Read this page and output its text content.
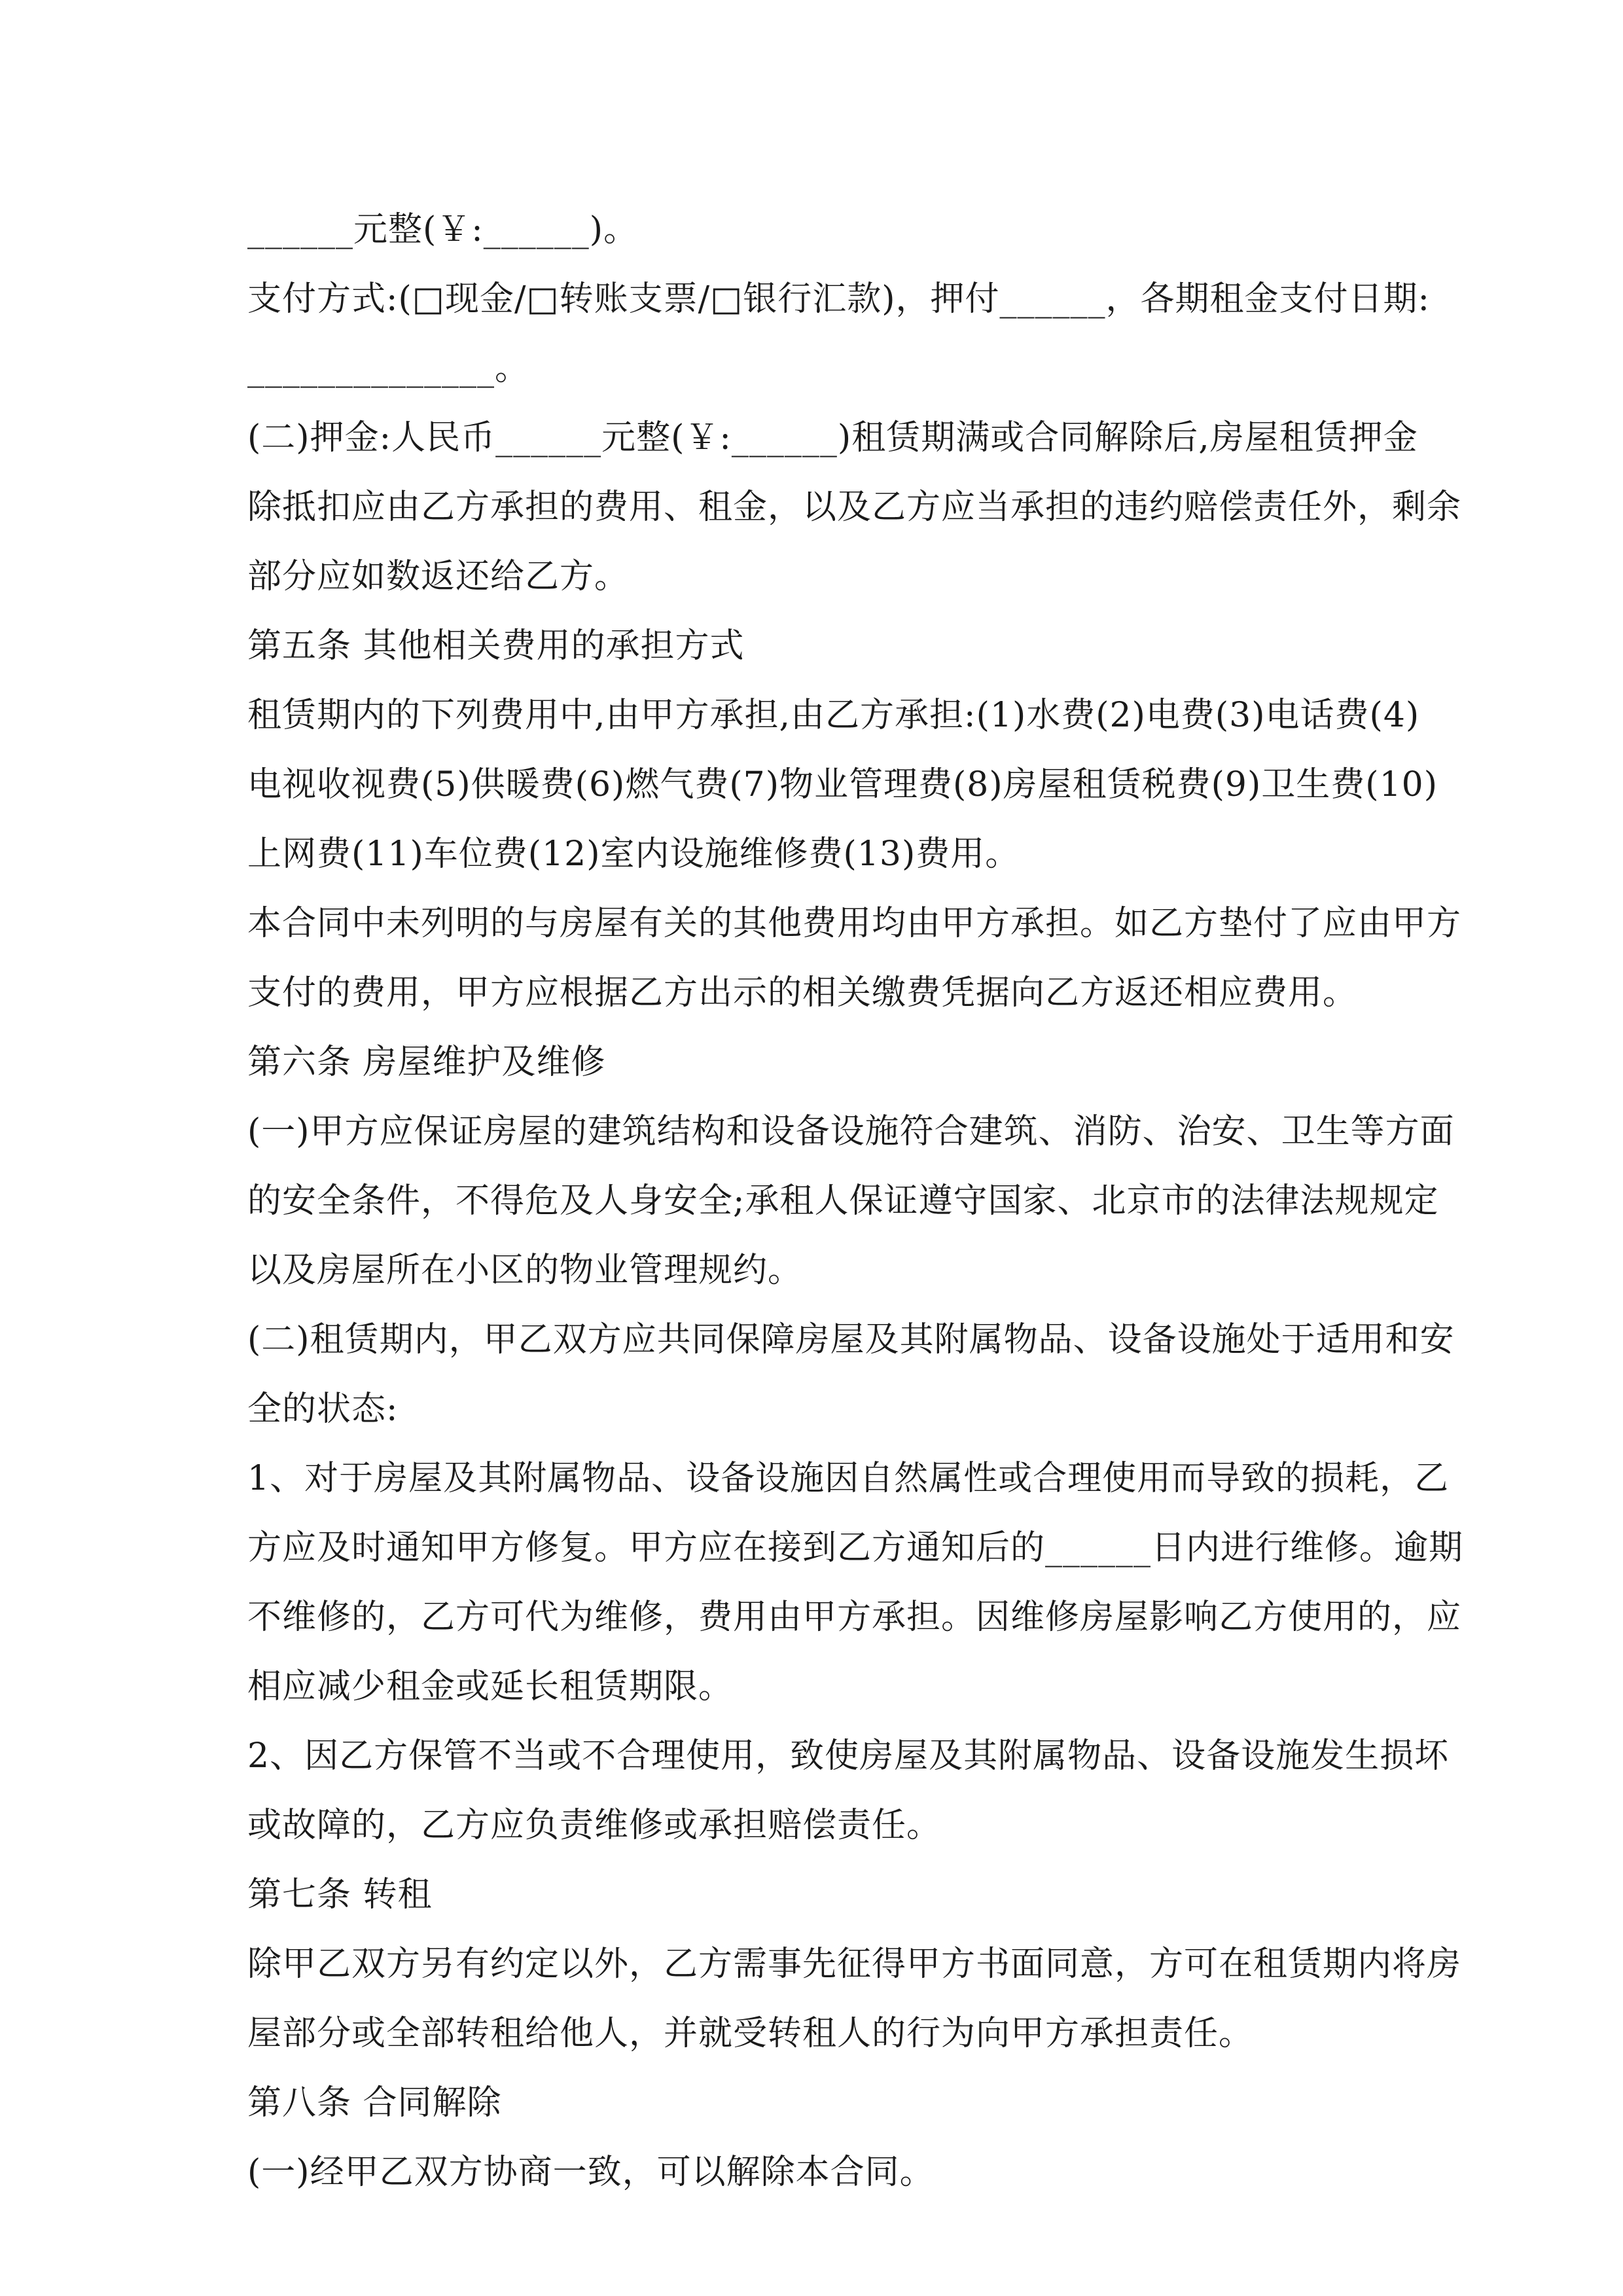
______元整(￥:______)。
支付方式:(□现金/□转账支票/□银行汇款)，押付______，各期租金支付日期:
______________。
(二)押金:人民币______元整(￥:______)租赁期满或合同解除后,房屋租赁押金
除抵扣应由乙方承担的费用、租金，以及乙方应当承担的违约赔偿责任外，剩余
部分应如数返还给乙方。
第五条 其他相关费用的承担方式
租赁期内的下列费用中,由甲方承担,由乙方承担:(1)水费(2)电费(3)电话费(4)
电视收视费(5)供暖费(6)燃气费(7)物业管理费(8)房屋租赁税费(9)卫生费(10)
上网费(11)车位费(12)室内设施维修费(13)费用。
本合同中未列明的与房屋有关的其他费用均由甲方承担。如乙方垫付了应由甲方
支付的费用，甲方应根据乙方出示的相关缴费凭据向乙方返还相应费用。
第六条 房屋维护及维修
(一)甲方应保证房屋的建筑结构和设备设施符合建筑、消防、治安、卫生等方面
的安全条件，不得危及人身安全;承租人保证遵守国家、北京市的法律法规规定
以及房屋所在小区的物业管理规约。
(二)租赁期内，甲乙双方应共同保障房屋及其附属物品、设备设施处于适用和安
全的状态:
1、对于房屋及其附属物品、设备设施因自然属性或合理使用而导致的损耗，乙
方应及时通知甲方修复。甲方应在接到乙方通知后的______日内进行维修。逾期
不维修的，乙方可代为维修，费用由甲方承担。因维修房屋影响乙方使用的，应
相应减少租金或延长租赁期限。
2、因乙方保管不当或不合理使用，致使房屋及其附属物品、设备设施发生损坏
或故障的，乙方应负责维修或承担赔偿责任。
第七条 转租
除甲乙双方另有约定以外，乙方需事先征得甲方书面同意，方可在租赁期内将房
屋部分或全部转租给他人，并就受转租人的行为向甲方承担责任。
第八条 合同解除
(一)经甲乙双方协商一致，可以解除本合同。
